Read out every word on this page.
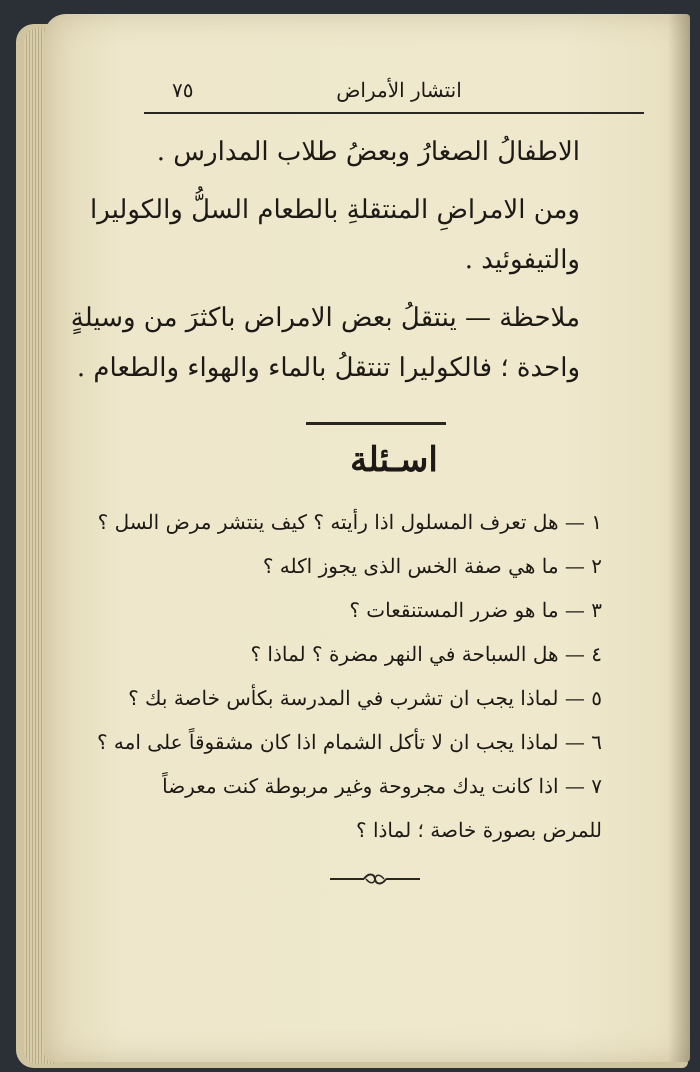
انتشار الأمراض
٧٥
الاطفالُ الصغارُ وبعضُ طلاب المدارس .
ومن الامراضِ المنتقلةِ بالطعام السلُّ والكوليرا
والتيفوئيد .
ملاحظة — ينتقلُ بعض الامراض باكثرَ من وسيلةٍ
واحدة ؛ فالكوليرا تنتقلُ بالماء والهواء والطعام .
اسـئلة
١ — هل تعرف المسلول اذا رأيته ؟ كيف ينتشر مرض السل ؟
٢ — ما هي صفة الخس الذى يجوز اكله ؟
٣ — ما هو ضرر المستنقعات ؟
٤ — هل السباحة في النهر مضرة ؟ لماذا ؟
٥ — لماذا يجب ان تشرب في المدرسة بكأس خاصة بك ؟
٦ — لماذا يجب ان لا تأكل الشمام اذا كان مشقوقاً على امه ؟
٧ — اذا كانت يدك مجروحة وغير مربوطة كنت معرضاً
للمرض بصورة خاصة ؛ لماذا ؟
